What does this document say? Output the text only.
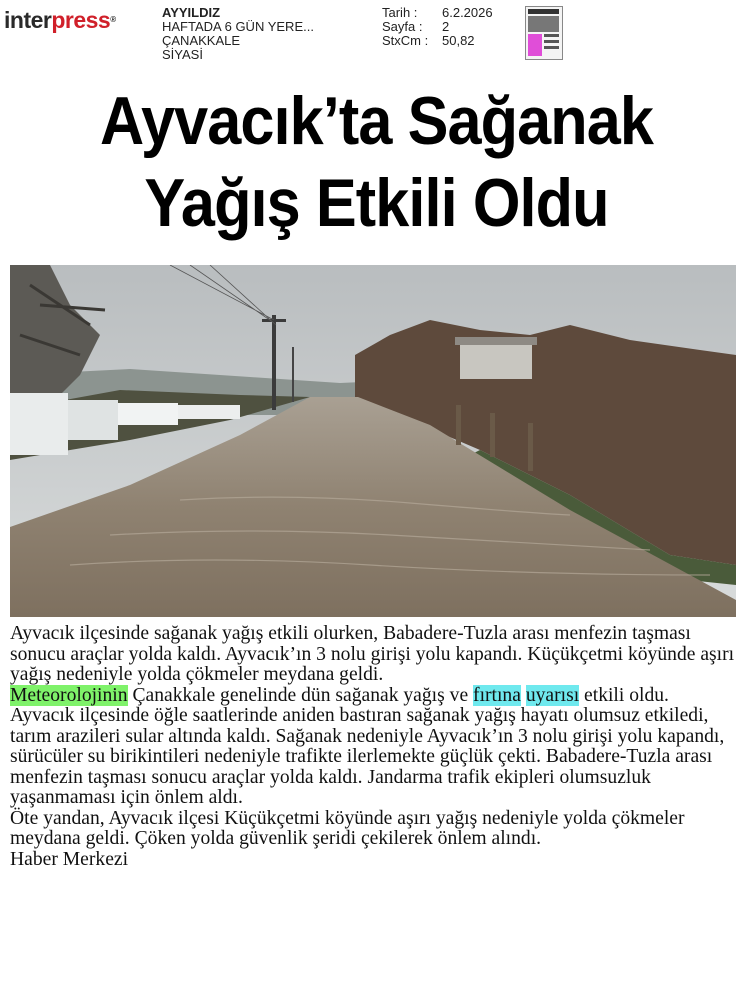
interpress®	AYYILDIZ
HAFTADA 6 GÜN YERE...
ÇANAKKALE
SİYASİ
Tarih :	6.2.2026
Sayfa :	2
StxCm :	50,82
Ayvacık’ta Sağanak
Yağış Etkili Oldu

Ayvacık ilçesinde sağanak yağış etkili olurken, Babadere-Tuzla arası menfezin taşması sonucu araçlar yolda kaldı. Ayvacık’ın 3 nolu girişi yolu kapandı. Küçükçetmi köyünde aşırı yağış nedeniyle yolda çökmeler meydana geldi.

Meteorolojinin Çanakkale genelinde dün sağanak yağış ve fırtına uyarısı etkili oldu. Ayvacık ilçesinde öğle saatlerinde aniden bastıran sağanak yağış hayatı olumsuz etkiledi, tarım arazileri sular altında kaldı. Sağanak nedeniyle Ayvacık’ın 3 nolu girişi yolu kapandı, sürücüler su birikintileri nedeniyle trafikte ilerlemekte güçlük çekti. Babadere-Tuzla arası menfezin taşması sonucu araçlar yolda kaldı. Jandarma trafik ekipleri olumsuzluk yaşanmaması için önlem aldı.

Öte yandan, Ayvacık ilçesi Küçükçetmi köyünde aşırı yağış nedeniyle yolda çökmeler meydana geldi. Çöken yolda güvenlik şeridi çekilerek önlem alındı.

Haber Merkezi
